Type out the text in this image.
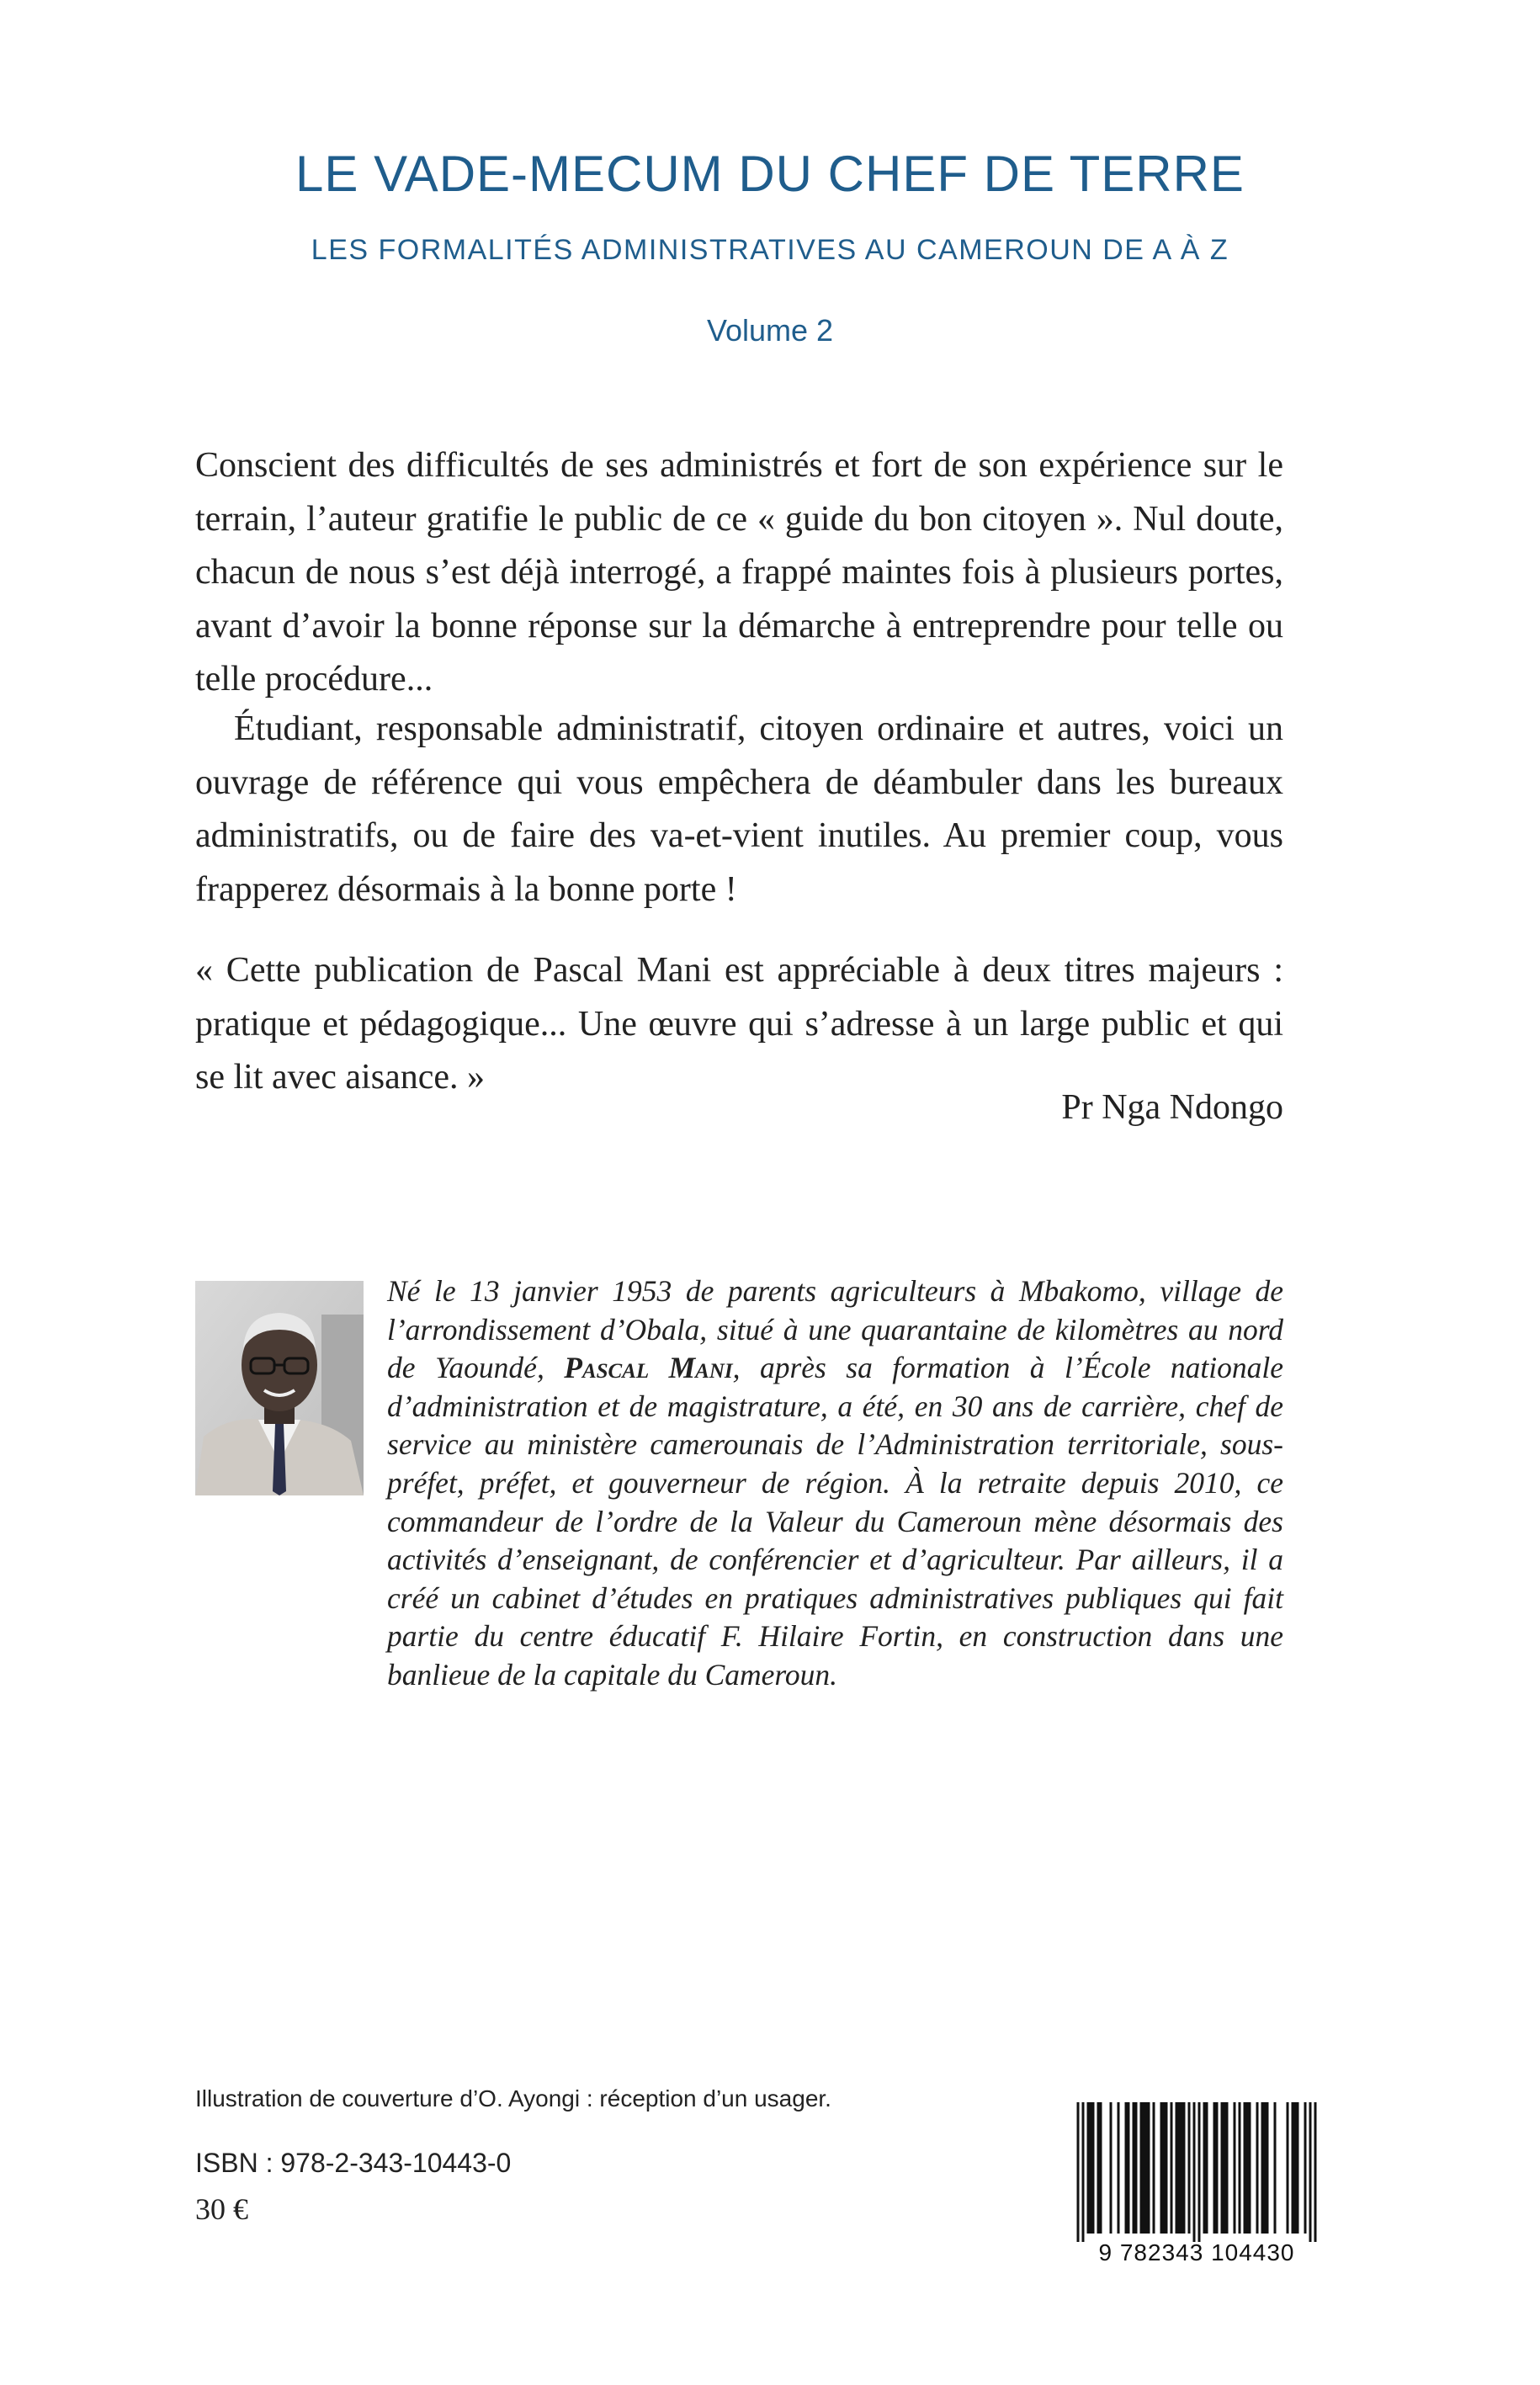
LE VADE-MECUM DU CHEF DE TERRE
LES FORMALITÉS ADMINISTRATIVES AU CAMEROUN DE A À Z
Volume 2

Conscient des difficultés de ses administrés et fort de son expérience sur le terrain, l’auteur gratifie le public de ce « guide du bon citoyen ». Nul doute, chacun de nous s’est déjà interrogé, a frappé maintes fois à plusieurs portes, avant d’avoir la bonne réponse sur la démarche à entreprendre pour telle ou telle procédure...

Étudiant, responsable administratif, citoyen ordinaire et autres, voici un ouvrage de référence qui vous empêchera de déambuler dans les bureaux administratifs, ou de faire des va-et-vient inutiles. Au premier coup, vous frapperez désormais à la bonne porte !

« Cette publication de Pascal Mani est appréciable à deux titres majeurs : pratique et pédagogique... Une œuvre qui s’adresse à un large public et qui se lit avec aisance. »

Pr Nga Ndongo

Né le 13 janvier 1953 de parents agriculteurs à Mbakomo, village de l’arrondissement d’Obala, situé à une quarantaine de kilomètres au nord de Yaoundé, Pascal Mani, après sa formation à l’École nationale d’administration et de magistrature, a été, en 30 ans de carrière, chef de service au ministère camerounais de l’Administration territoriale, sous-préfet, préfet, et gouverneur de région. À la retraite depuis 2010, ce commandeur de l’ordre de la Valeur du Cameroun mène désormais des activités d’enseignant, de conférencier et d’agriculteur. Par ailleurs, il a créé un cabinet d’études en pratiques administratives publiques qui fait partie du centre éducatif F. Hilaire Fortin, en construction dans une banlieue de la capitale du Cameroun.

Illustration de couverture d’O. Ayongi : réception d’un usager.
ISBN : 978-2-343-10443-0
30 €
9 782343 104430
